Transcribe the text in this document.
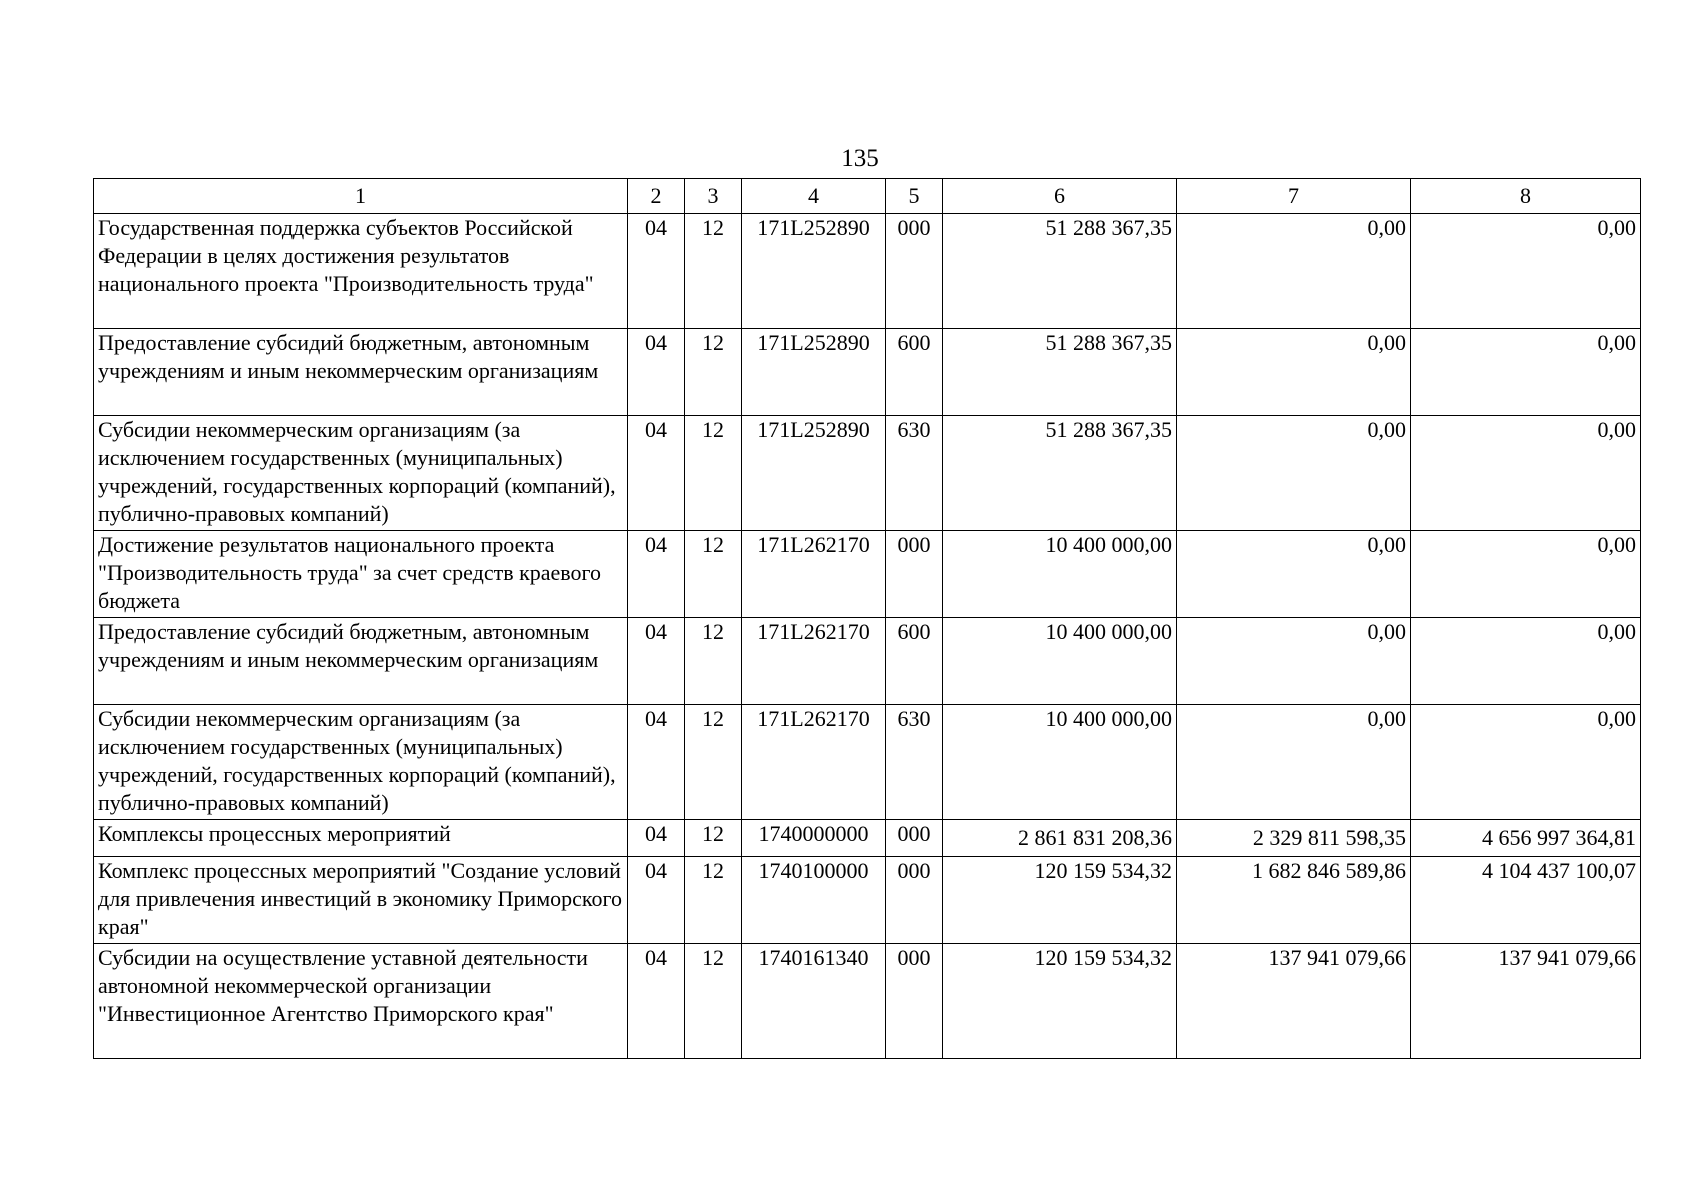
135
1	2	3	4	5	6	7	8
Государственная поддержка субъектов Российской Федерации в целях достижения результатов национального проекта "Производительность труда"	04	12	171L252890	000	51 288 367,35	0,00	0,00
Предоставление субсидий бюджетным, автономным учреждениям и иным некоммерческим организациям	04	12	171L252890	600	51 288 367,35	0,00	0,00
Субсидии некоммерческим организациям (за исключением государственных (муниципальных) учреждений, государственных корпораций (компаний), публично-правовых компаний)	04	12	171L252890	630	51 288 367,35	0,00	0,00
Достижение результатов национального проекта "Производительность труда" за счет средств краевого бюджета	04	12	171L262170	000	10 400 000,00	0,00	0,00
Предоставление субсидий бюджетным, автономным учреждениям и иным некоммерческим организациям	04	12	171L262170	600	10 400 000,00	0,00	0,00
Субсидии некоммерческим организациям (за исключением государственных (муниципальных) учреждений, государственных корпораций (компаний), публично-правовых компаний)	04	12	171L262170	630	10 400 000,00	0,00	0,00
Комплексы процессных мероприятий	04	12	1740000000	000	2 861 831 208,36	2 329 811 598,35	4 656 997 364,81
Комплекс процессных мероприятий "Создание условий для привлечения инвестиций в экономику Приморского края"	04	12	1740100000	000	120 159 534,32	1 682 846 589,86	4 104 437 100,07
Субсидии на осуществление уставной деятельности автономной некоммерческой организации "Инвестиционное Агентство Приморского края"	04	12	1740161340	000	120 159 534,32	137 941 079,66	137 941 079,66
